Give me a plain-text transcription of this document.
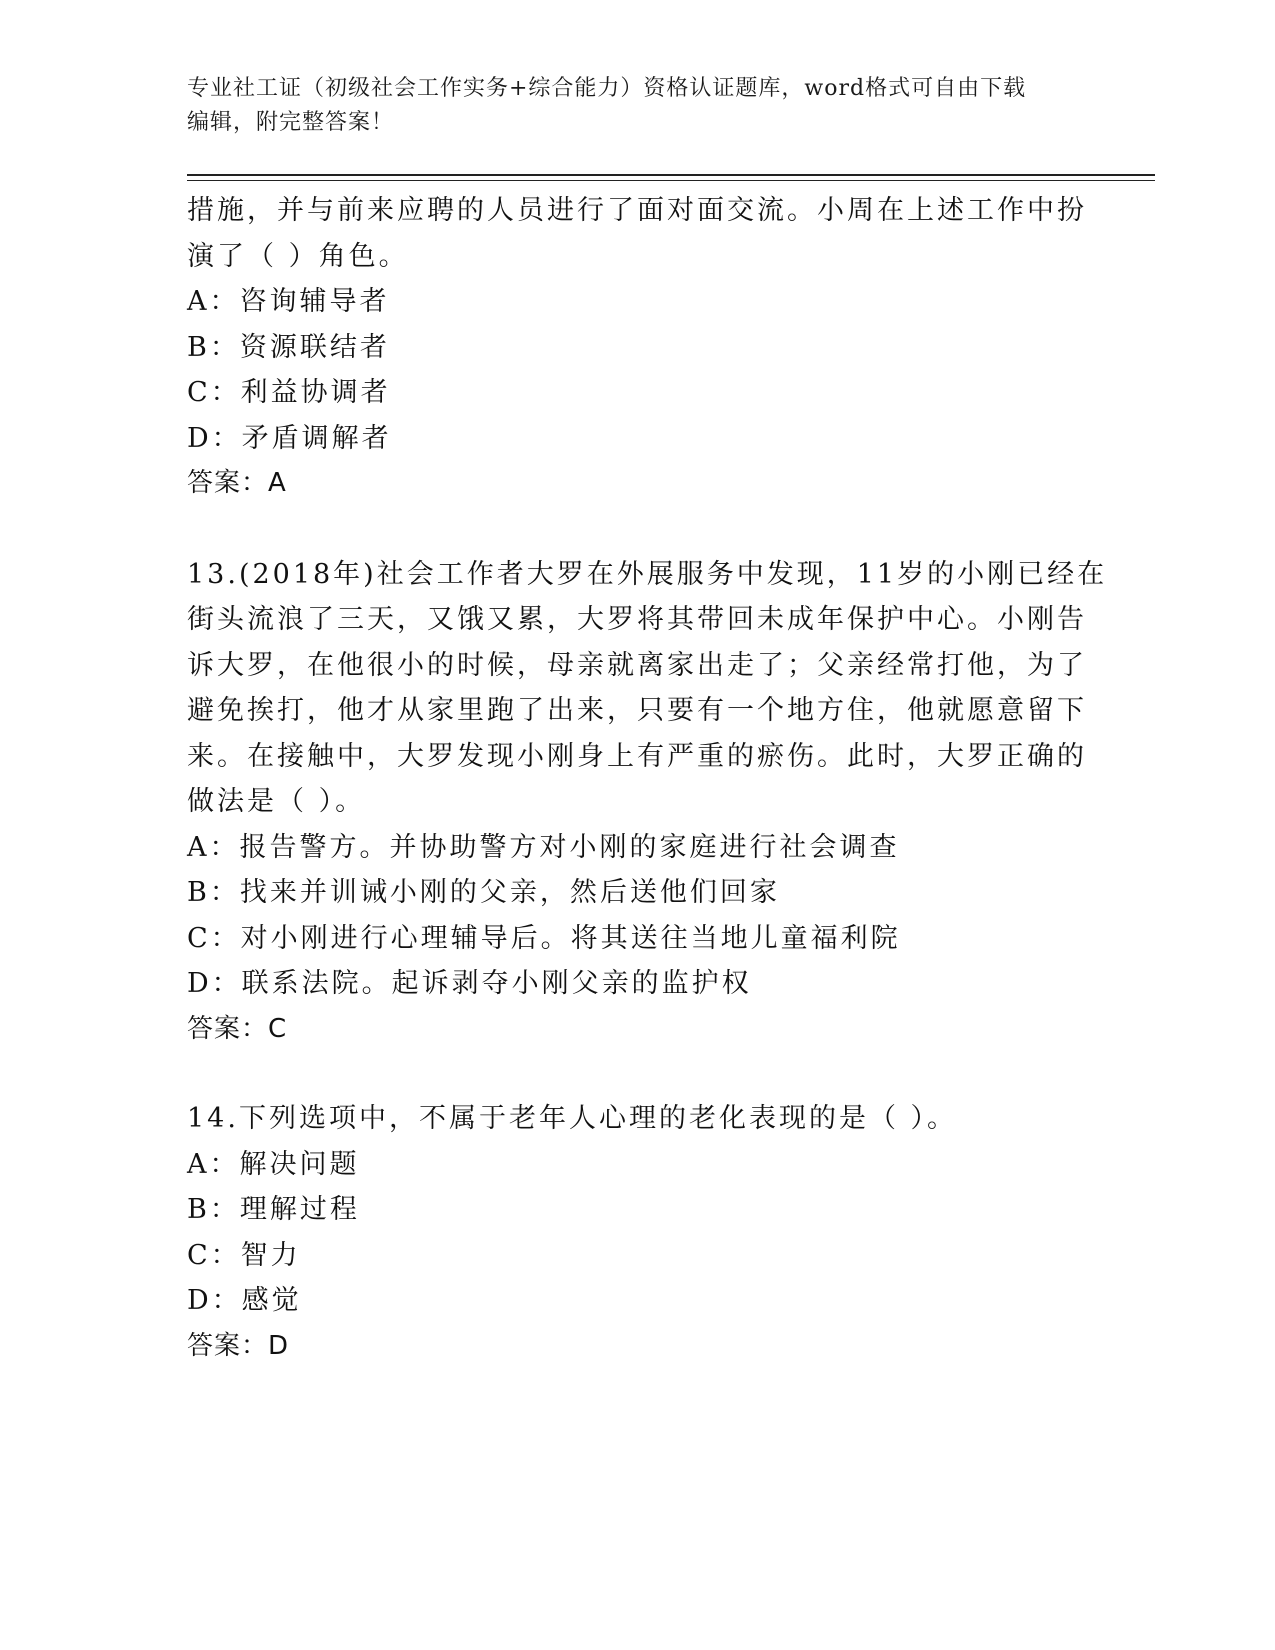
专业社工证（初级社会工作实务+综合能力）资格认证题库，word格式可自由下载
编辑，附完整答案！
措施，并与前来应聘的人员进行了面对面交流。小周在上述工作中扮
演了（ ）角色。
A：咨询辅导者
B：资源联结者
C：利益协调者
D：矛盾调解者
答案：A
13.(2018年)社会工作者大罗在外展服务中发现，11岁的小刚已经在
街头流浪了三天，又饿又累，大罗将其带回未成年保护中心。小刚告
诉大罗，在他很小的时候，母亲就离家出走了；父亲经常打他，为了
避免挨打，他才从家里跑了出来，只要有一个地方住，他就愿意留下
来。在接触中，大罗发现小刚身上有严重的瘀伤。此时，大罗正确的
做法是（ ）。
A：报告警方。并协助警方对小刚的家庭进行社会调查
B：找来并训诫小刚的父亲，然后送他们回家
C：对小刚进行心理辅导后。将其送往当地儿童福利院
D：联系法院。起诉剥夺小刚父亲的监护权
答案：C
14.下列选项中，不属于老年人心理的老化表现的是（ ）。
A：解决问题
B：理解过程
C：智力
D：感觉
答案：D
